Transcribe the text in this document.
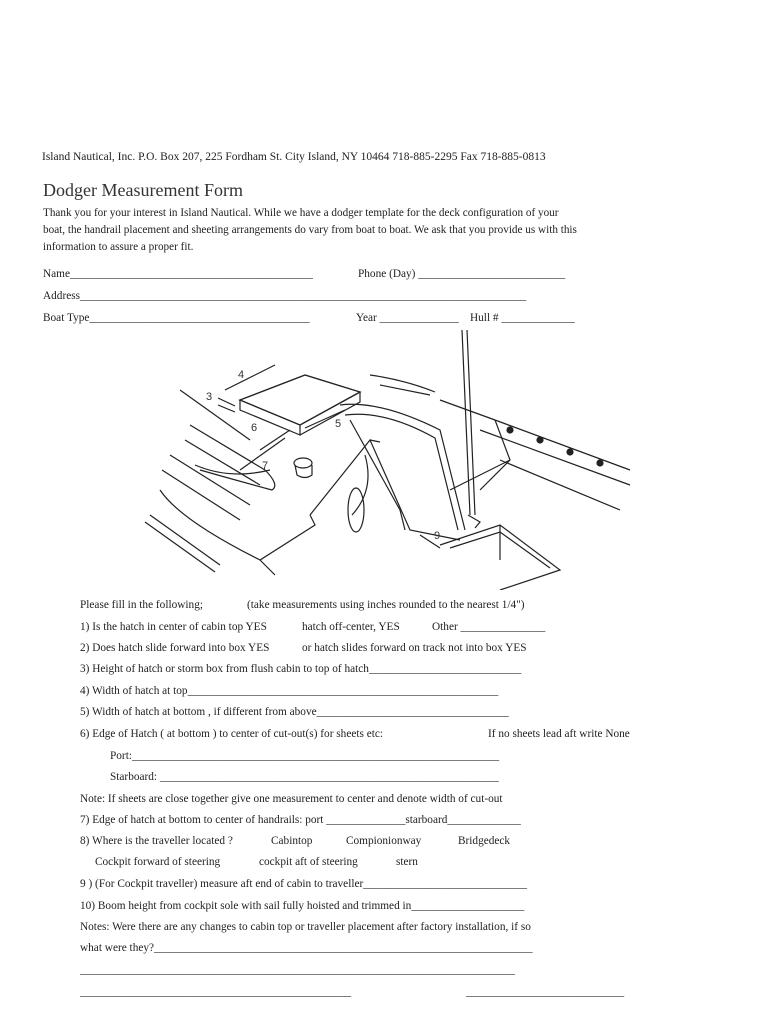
Island Nautical, Inc. P.O. Box 207, 225 Fordham St. City Island, NY 10464 718-885-2295 Fax 718-885-0813
Dodger Measurement Form
Thank you for your interest in Island Nautical. While we have a dodger template for the deck configuration of your boat, the handrail placement and sheeting arrangements do vary from boat to boat. We ask that you provide us with this information to assure a proper fit.
Name___________________________________________	Phone (Day) __________________________
Address_______________________________________________________________________________
Boat Type_______________________________________	Year ______________ Hull # _____________
4
3
6	5
7
9
Please fill in the following;	(take measurements using inches rounded to the nearest 1/4")
1) Is the hatch in center of cabin top YES	hatch off-center, YES	Other _______________
2) Does hatch slide forward into box YES	or hatch slides forward on track not into box YES
3) Height of hatch or storm box from flush cabin to top of hatch___________________________
4) Width of hatch at top_______________________________________________________
5) Width of hatch at bottom , if different from above__________________________________
6) Edge of Hatch ( at bottom ) to center of cut-out(s) for sheets etc:	If no sheets lead aft write None
Port:_________________________________________________________________
Starboard: ____________________________________________________________
Note: If sheets are close together give one measurement to center and denote width of cut-out
7) Edge of hatch at bottom to center of handrails: port ______________starboard_____________
8) Where is the traveller located ?	Cabintop	Compionionway	Bridgedeck
Cockpit forward of steering	cockpit aft of steering	stern
9 ) (For Cockpit traveller) measure aft end of cabin to traveller_____________________________
10) Boom height from cockpit sole with sail fully hoisted and trimmed in____________________
Notes: Were there are any changes to cabin top or traveller placement after factory installation, if so
what were they?___________________________________________________________________
_____________________________________________________________________________
________________________________________________	____________________________
